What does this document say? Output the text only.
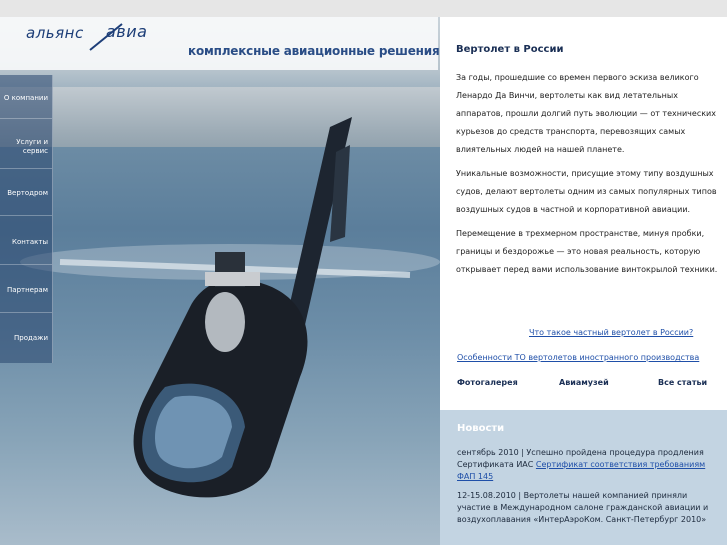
альянс авиа
комплексные авиационные решения
О компании
Услуги и сервис
Вертодром
Контакты
Партнерам
Продажи
Вертолет в России

За годы, прошедшие со времен первого эскиза великого Ленардо Да Винчи, вертолеты как вид летательных аппаратов, прошли долгий путь эволюции — от технических курьезов до средств транспорта, перевозящих самых влиятельных людей на нашей планете.

Уникальные возможности, присущие этому типу воздушных судов, делают вертолеты одним из самых популярных типов воздушных судов в частной и корпоративной авиации.

Перемещение в трехмерном пространстве, минуя пробки, границы и бездорожье — это новая реальность, которую открывает перед вами использование винтокрылой техники.

Что такое частный вертолет в России?
Особенности ТО вертолетов иностранного производства
Фотогалерея	Авиамузей	Все статьи
Новости
сентябрь 2010 | Успешно пройдена процедура продления Сертификата ИАС Сертификат соответствия требованиям ФАП 145
12-15.08.2010 | Вертолеты нашей компанией приняли участие в Международном салоне гражданской авиации и воздухоплавания «ИнтерАэроКом. Санкт-Петербург 2010»
